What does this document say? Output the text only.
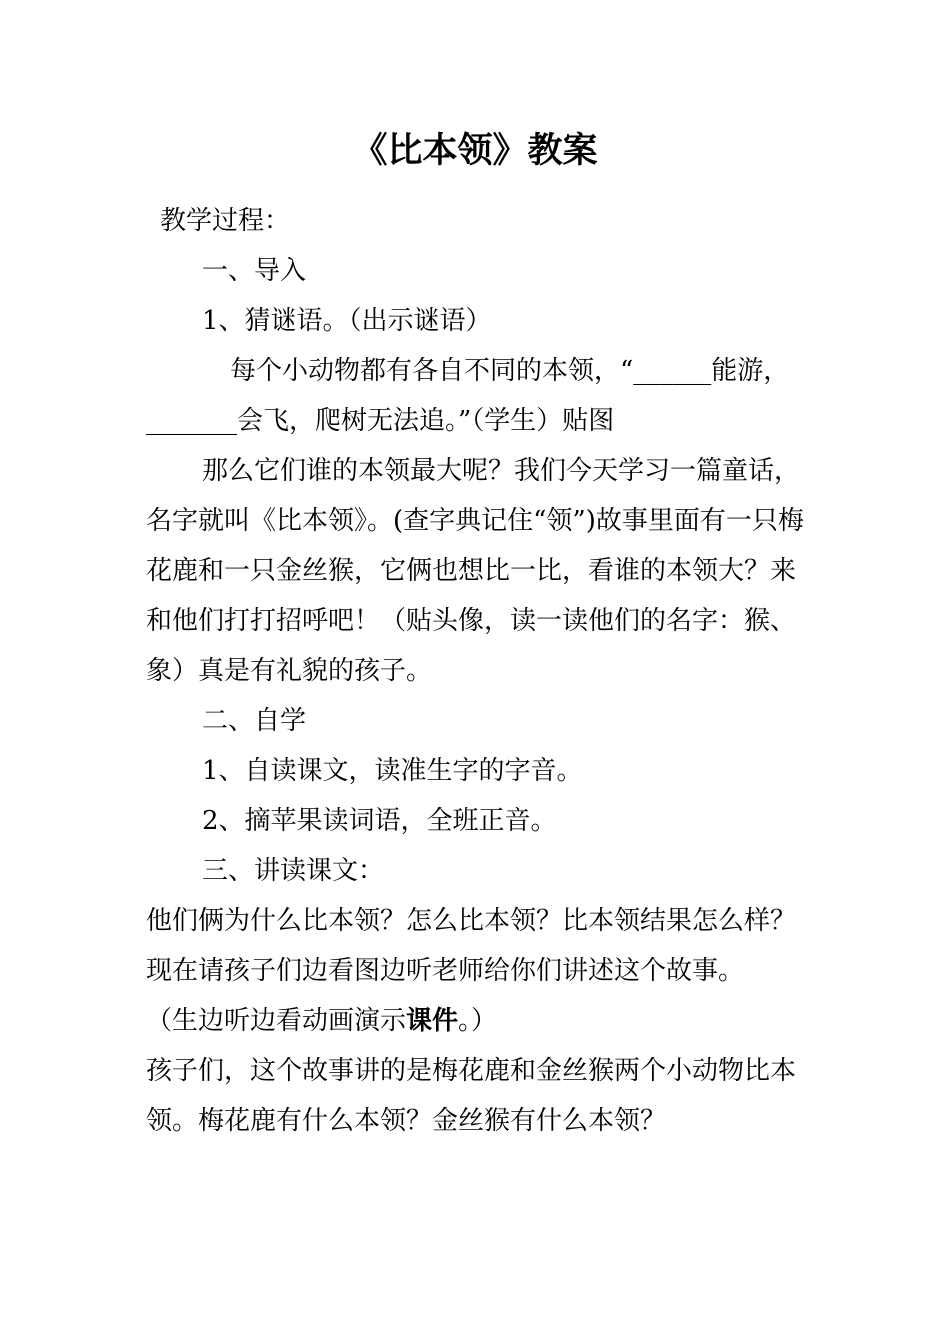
《比本领》教案

教学过程：

一、导入

1、猜谜语。（出示谜语）

每个小动物都有各自不同的本领，“______能游，_______会飞，爬树无法追。”（学生）贴图

那么它们谁的本领最大呢？我们今天学习一篇童话，名字就叫《比本领》。(查字典记住“领”)故事里面有一只梅花鹿和一只金丝猴，它俩也想比一比，看谁的本领大？来和他们打打招呼吧！（贴头像，读一读他们的名字：猴、象）真是有礼貌的孩子。

二、自学

1、自读课文，读准生字的字音。

2、摘苹果读词语，全班正音。

三、讲读课文：

他们俩为什么比本领？怎么比本领？比本领结果怎么样？现在请孩子们边看图边听老师给你们讲述这个故事。

（生边听边看动画演示课件。）

孩子们，这个故事讲的是梅花鹿和金丝猴两个小动物比本领。梅花鹿有什么本领？金丝猴有什么本领？
